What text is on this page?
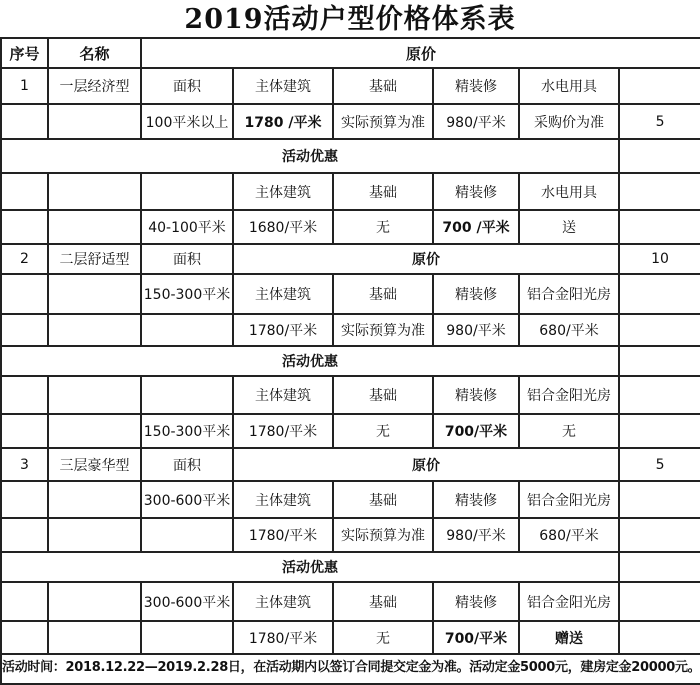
2019活动户型价格体系表
序号	名称	原价	
1	一层经济型	面积	主体建筑	基础	精装修	水电用具		
		100平米以上	1780 /平米	实际预算为准	980/平米	采购价为准	5	
活动优惠								
			主体建筑	基础	精装修	水电用具		
		40-100平米	1680/平米	无	700 /平米	送		
2	二层舒适型	面积	原价				10	
		150-300平米	主体建筑	基础	精装修	铝合金阳光房		
			1780/平米	实际预算为准	980/平米	680/平米		
活动优惠								
			主体建筑	基础	精装修	铝合金阳光房		
		150-300平米	1780/平米	无	700/平米	无		
3	三层豪华型	面积	原价				5	
		300-600平米	主体建筑	基础	精装修	铝合金阳光房		
			1780/平米	实际预算为准	980/平米	680/平米		
活动优惠								
		300-600平米	主体建筑	基础	精装修	铝合金阳光房		
			1780/平米	无	700/平米	赠送		
活动时间：2018.12.22—2019.2.28日，在活动期内以签订合同提交定金为准。活动定金5000元，建房定金20000元。
